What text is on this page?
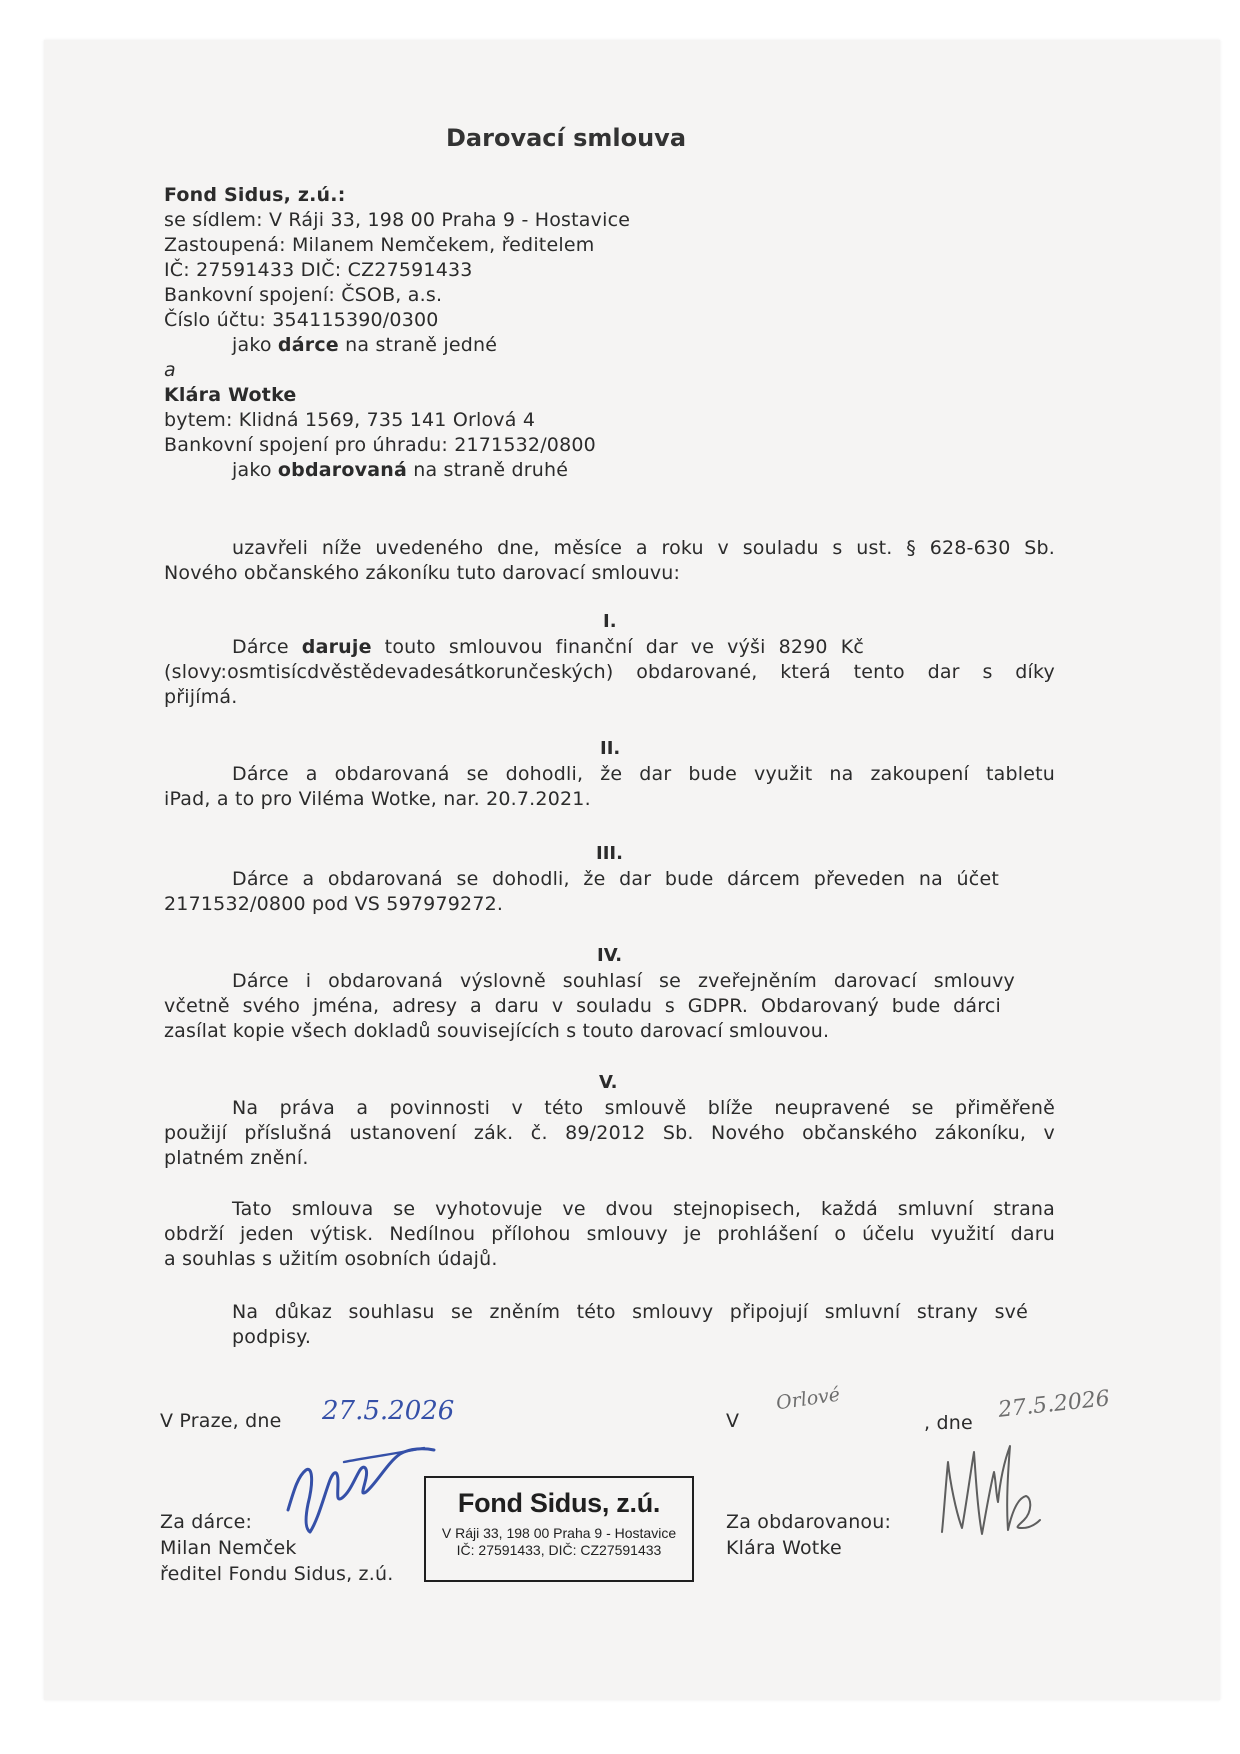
Darovací smlouva
Fond Sidus, z.ú.:
se sídlem: V Ráji 33, 198 00 Praha 9 - Hostavice
Zastoupená: Milanem Nemčekem, ředitelem
IČ: 27591433 DIČ: CZ27591433
Bankovní spojení: ČSOB, a.s.
Číslo účtu: 354115390/0300
jako dárce na straně jedné
a
Klára Wotke
bytem: Klidná 1569, 735 141 Orlová 4
Bankovní spojení pro úhradu: 2171532/0800
jako obdarovaná na straně druhé
uzavřeli níže uvedeného dne, měsíce a roku v souladu s ust. § 628-630 Sb.
Nového občanského zákoníku tuto darovací smlouvu:
I.
Dárce daruje touto smlouvou finanční dar ve výši 8290 Kč
(slovy:osmtisícdvěstědevadesátkorunčeských) obdarované, která tento dar s díky
přijímá.
II.
Dárce a obdarovaná se dohodli, že dar bude využit na zakoupení tabletu
iPad, a to pro Viléma Wotke, nar. 20.7.2021.
III.
Dárce a obdarovaná se dohodli, že dar bude dárcem převeden na účet
2171532/0800 pod VS 597979272.
IV.
Dárce i obdarovaná výslovně souhlasí se zveřejněním darovací smlouvy
včetně svého jména, adresy a daru v souladu s GDPR. Obdarovaný bude dárci
zasílat kopie všech dokladů souvisejících s touto darovací smlouvou.
V.
Na práva a povinnosti v této smlouvě blíže neupravené se přiměřeně
použijí příslušná ustanovení zák. č. 89/2012 Sb. Nového občanského zákoníku, v
platném znění.
Tato smlouva se vyhotovuje ve dvou stejnopisech, každá smluvní strana
obdrží jeden výtisk. Nedílnou přílohou smlouvy je prohlášení o účelu využití daru
a souhlas s užitím osobních údajů.
Na důkaz souhlasu se zněním této smlouvy připojují smluvní strany své
podpisy.
V Praze, dne 27.5.2026	V
Orlové
, dne
27.5.2026
Za dárce:
Milan Nemček
ředitel Fondu Sidus, z.ú.
Za obdarovanou:
Klára Wotke
Fond Sidus, z.ú.
V Ráji 33, 198 00 Praha 9 - Hostavice
IČ: 27591433, DIČ: CZ27591433
